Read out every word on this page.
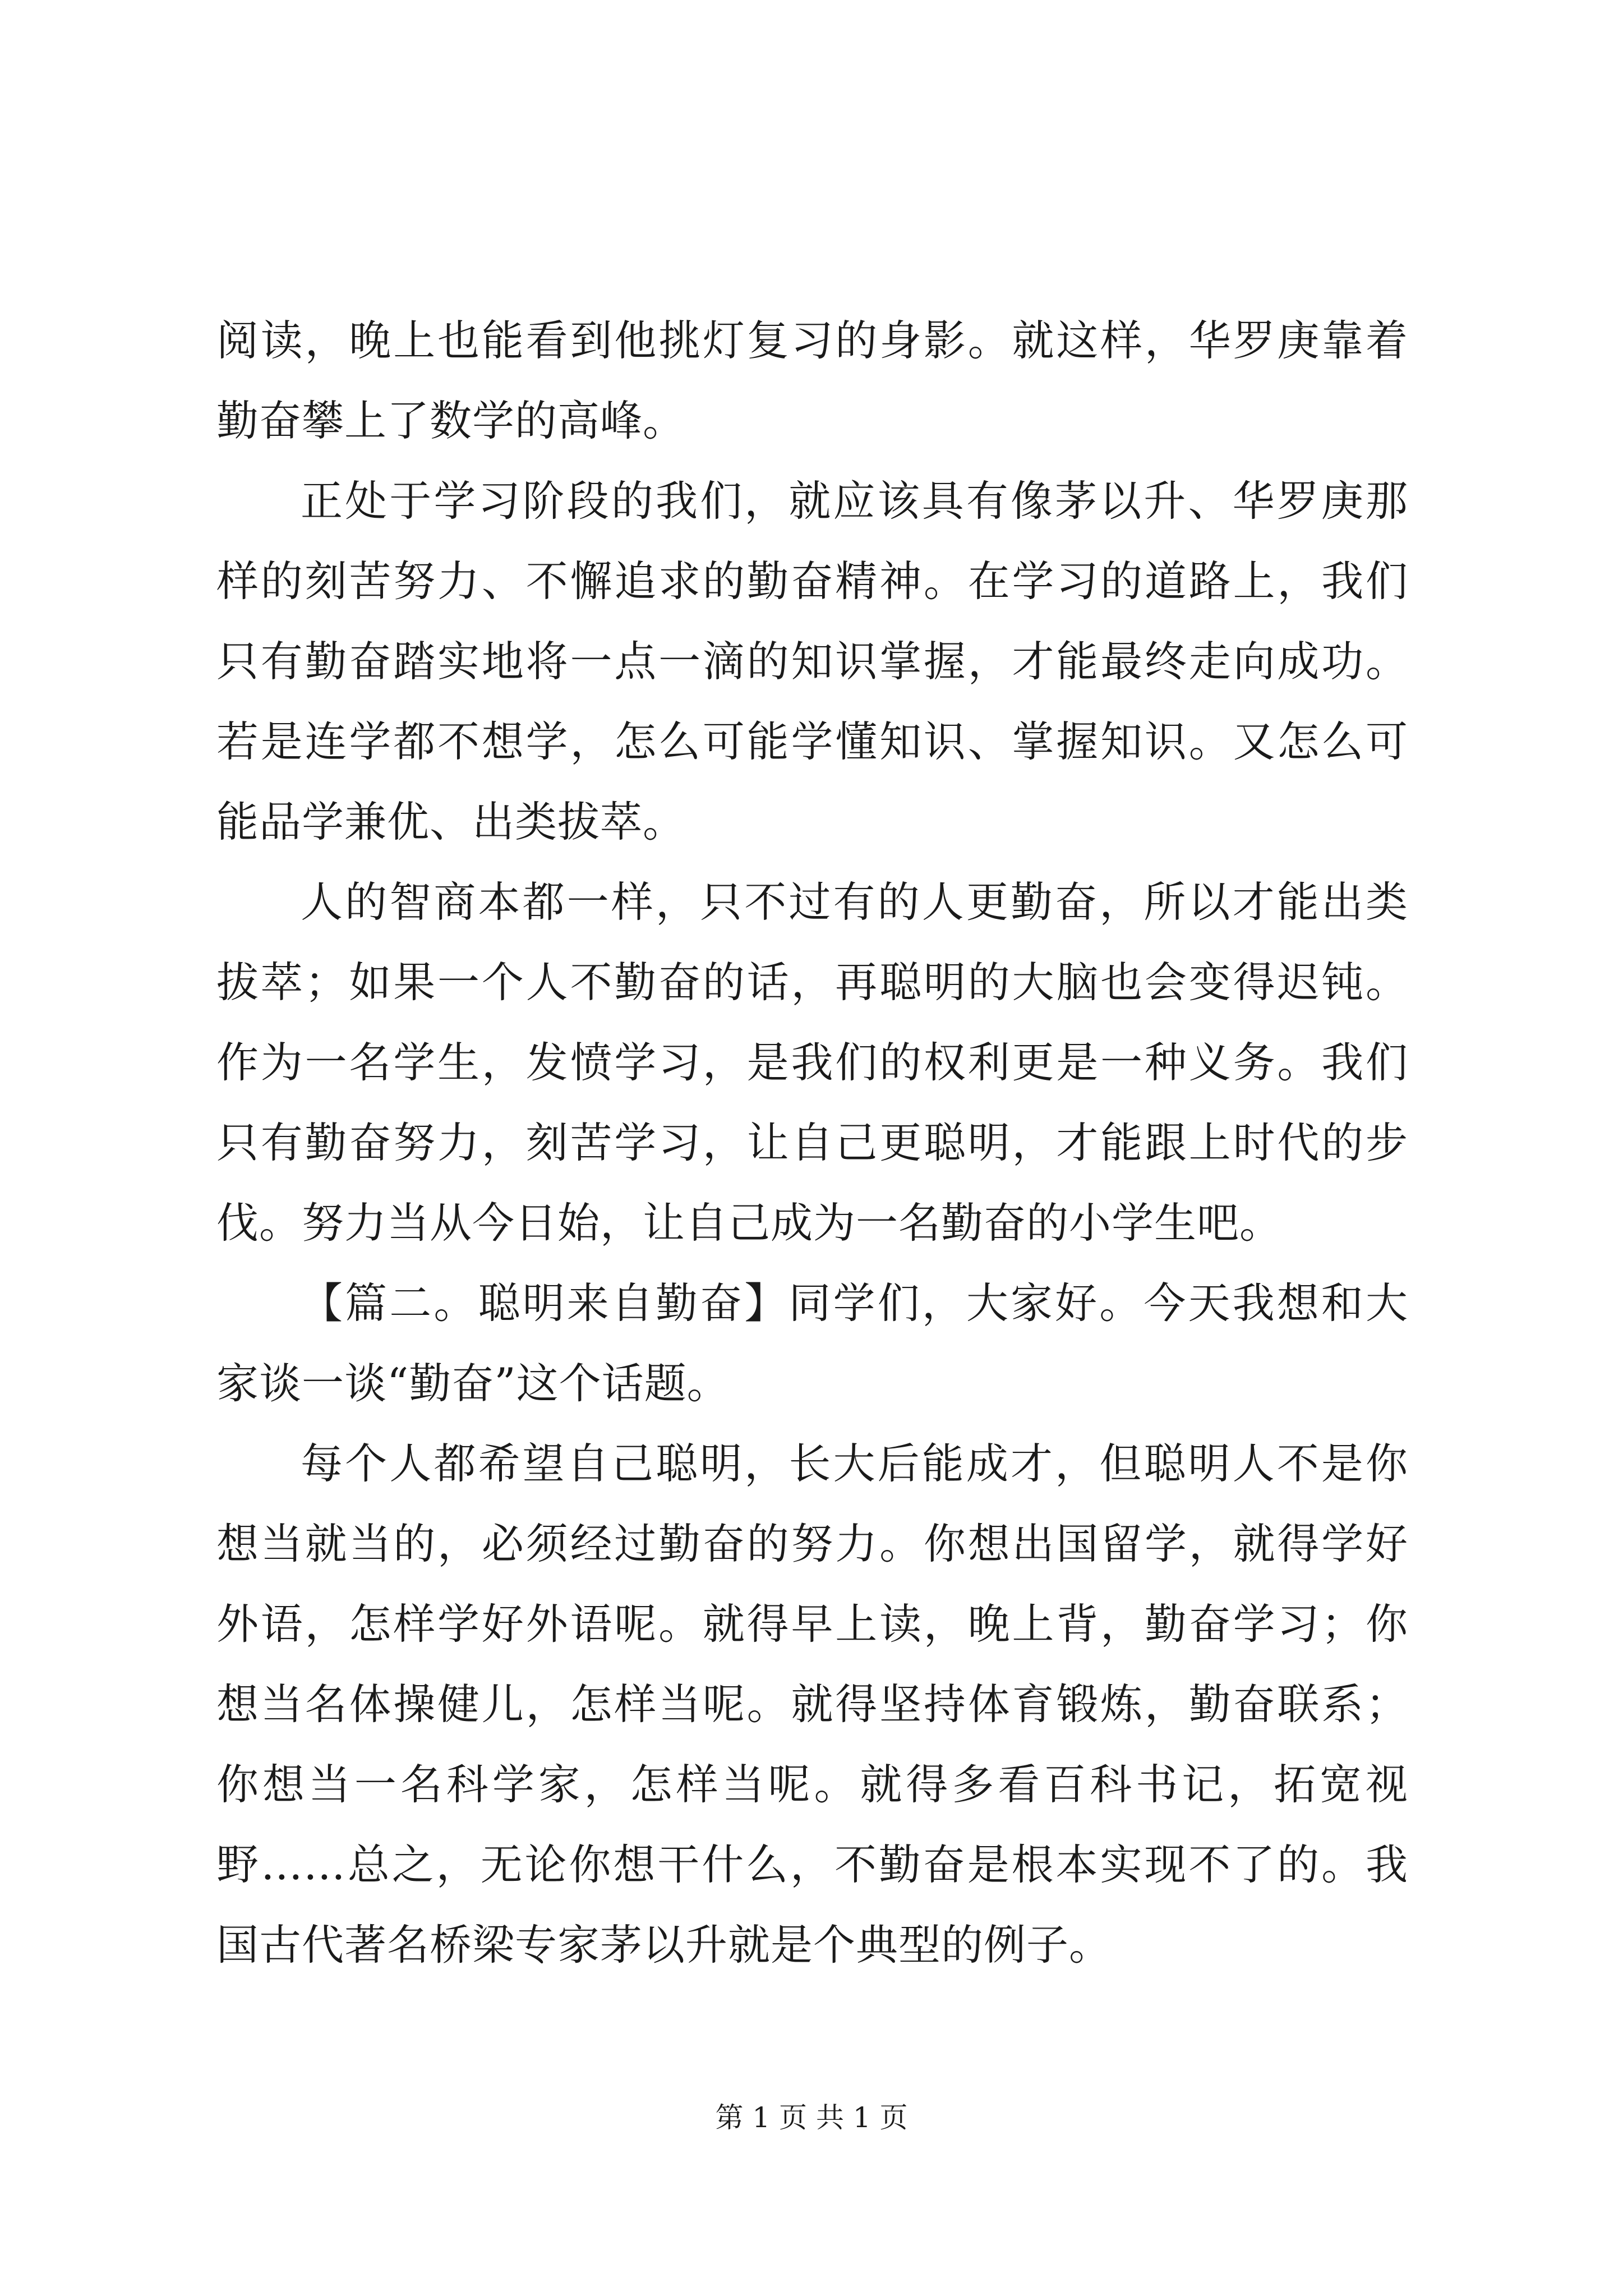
阅读，晚上也能看到他挑灯复习的身影。就这样，华罗庚靠着勤奋攀上了数学的高峰。

正处于学习阶段的我们，就应该具有像茅以升、华罗庚那样的刻苦努力、不懈追求的勤奋精神。在学习的道路上，我们只有勤奋踏实地将一点一滴的知识掌握，才能最终走向成功。若是连学都不想学，怎么可能学懂知识、掌握知识。又怎么可能品学兼优、出类拔萃。

人的智商本都一样，只不过有的人更勤奋，所以才能出类拔萃；如果一个人不勤奋的话，再聪明的大脑也会变得迟钝。作为一名学生，发愤学习，是我们的权利更是一种义务。我们只有勤奋努力，刻苦学习，让自己更聪明，才能跟上时代的步伐。努力当从今日始，让自己成为一名勤奋的小学生吧。

【篇二。聪明来自勤奋】同学们，大家好。今天我想和大家谈一谈“勤奋”这个话题。

每个人都希望自己聪明，长大后能成才，但聪明人不是你想当就当的，必须经过勤奋的努力。你想出国留学，就得学好外语，怎样学好外语呢。就得早上读，晚上背，勤奋学习；你想当名体操健儿，怎样当呢。就得坚持体育锻炼，勤奋联系；你想当一名科学家，怎样当呢。就得多看百科书记，拓宽视野……总之，无论你想干什么，不勤奋是根本实现不了的。我国古代著名桥梁专家茅以升就是个典型的例子。

第 1 页 共 1 页
